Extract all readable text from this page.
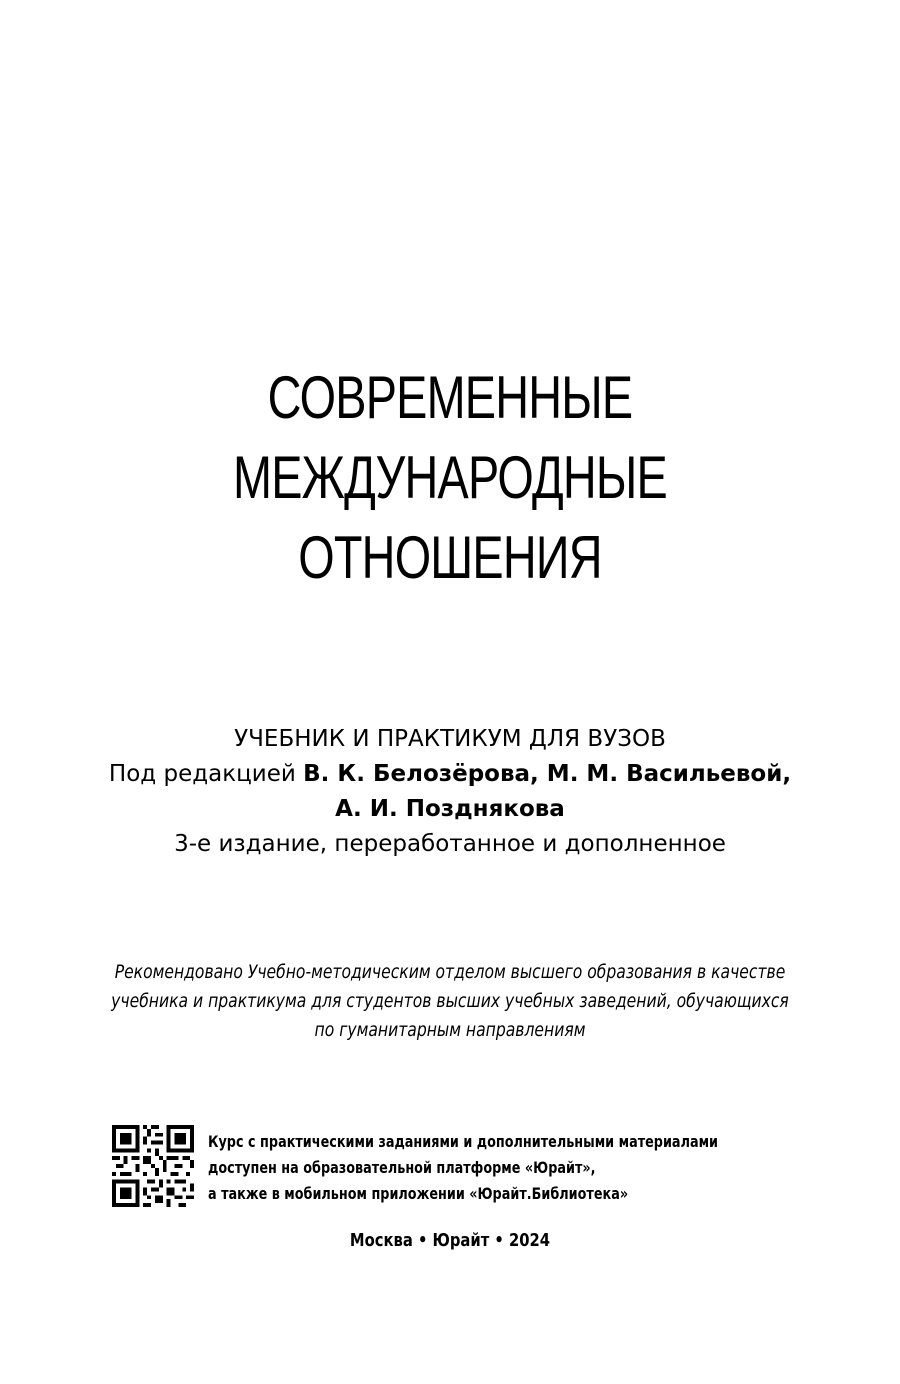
СОВРЕМЕННЫЕ
МЕЖДУНАРОДНЫЕ
ОТНОШЕНИЯ
УЧЕБНИК И ПРАКТИКУМ ДЛЯ ВУЗОВ
Под редакцией В. К. Белозёрова, М. М. Васильевой,
А. И. Позднякова
3-е издание, переработанное и дополненное
Рекомендовано Учебно-методическим отделом высшего образования в качестве
учебника и практикума для студентов высших учебных заведений, обучающихся
по гуманитарным направлениям
Курс с практическими заданиями и дополнительными материалами
доступен на образовательной платформе «Юрайт»,
а также в мобильном приложении «Юрайт.Библиотека»
Москва • Юрайт • 2024
